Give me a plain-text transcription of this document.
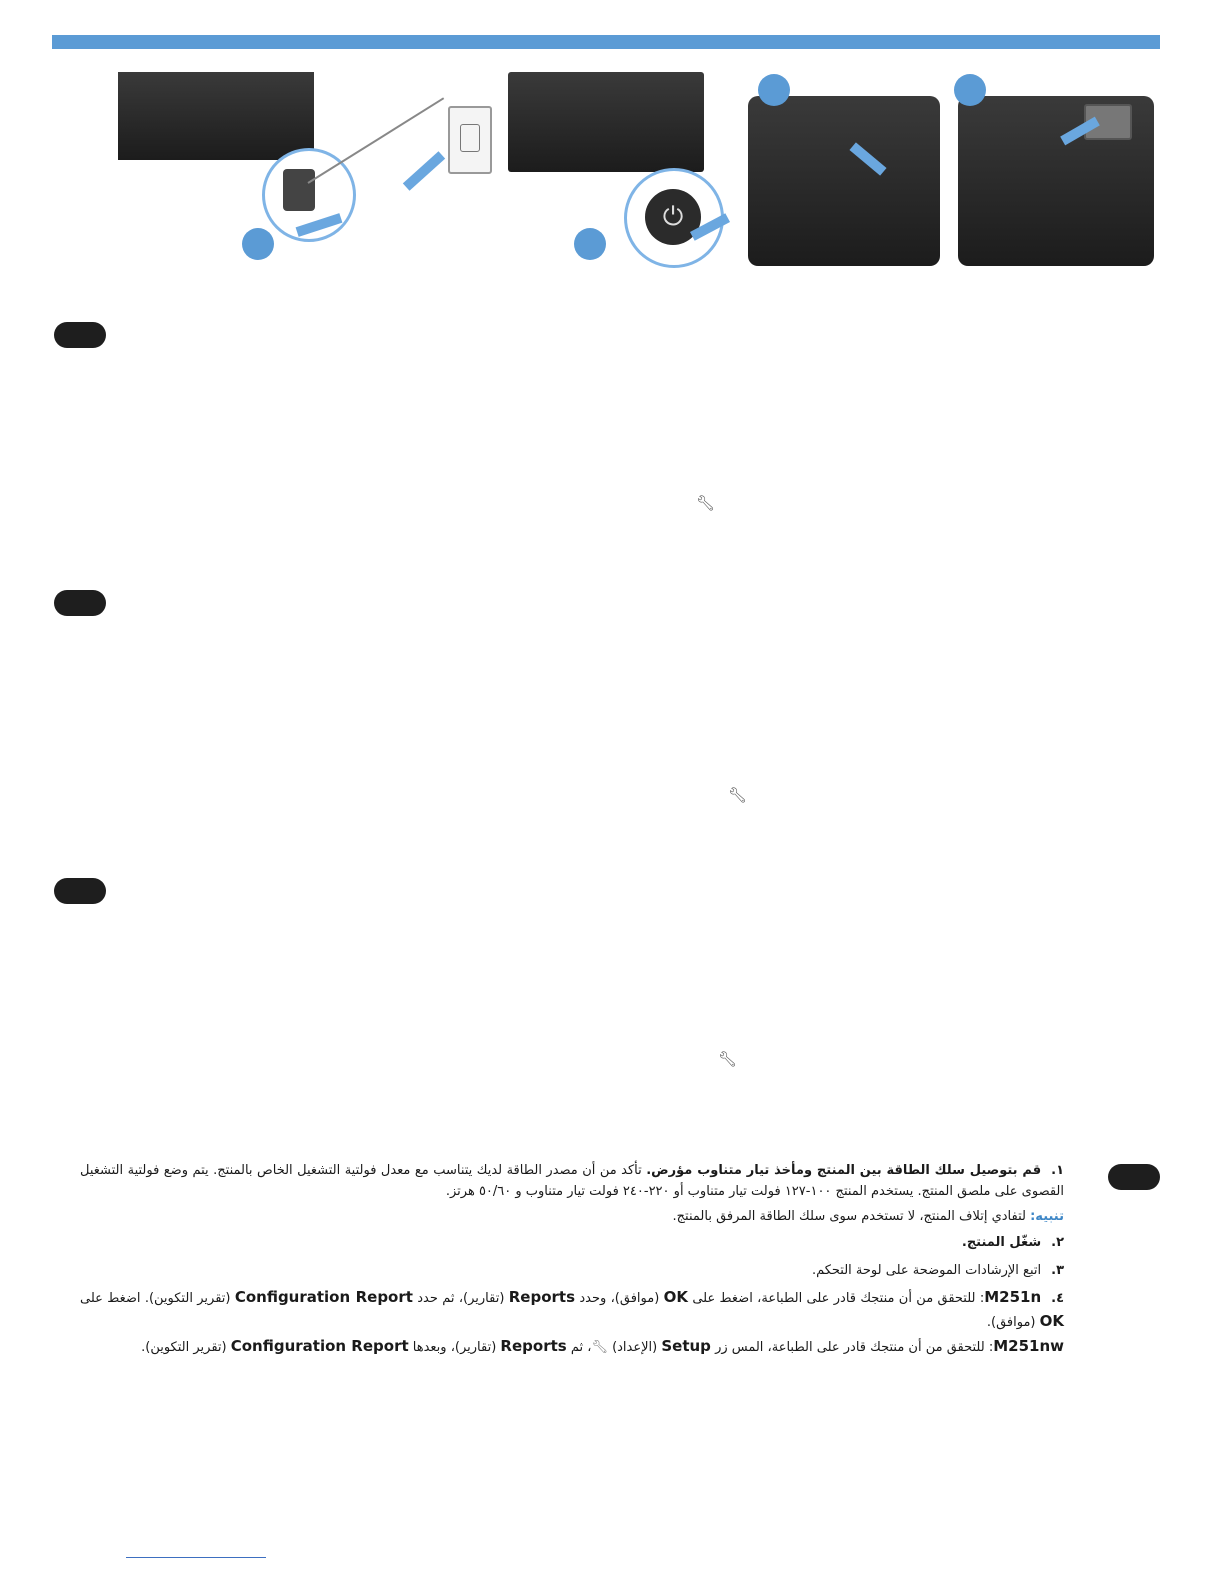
⏻
🔧︎
🔧︎
🔧︎
١.قم بتوصيل سلك الطاقة بين المنتج ومأخذ تيار متناوب مؤرض. تأكد من أن مصدر الطاقة لديك يتناسب مع معدل فولتية التشغيل الخاص بالمنتج. يتم وضع فولتية التشغيل القصوى على ملصق المنتج. يستخدم المنتج ١٠٠-١٢٧ فولت تيار متناوب أو ٢٢٠-٢٤٠ فولت تيار متناوب و ٥٠/٦٠ هرتز.
تنبيه: لتفادي إتلاف المنتج، لا تستخدم سوى سلك الطاقة المرفق بالمنتج.
٢.شغّل المنتج.
٣.اتبع الإرشادات الموضحة على لوحة التحكم.
٤.M251n: للتحقق من أن منتجك قادر على الطباعة، اضغط على OK (موافق)، وحدد Reports (تقارير)، ثم حدد Configuration Report (تقرير التكوين). اضغط على OK (موافق).
M251nw: للتحقق من أن منتجك قادر على الطباعة، المس زر Setup (الإعداد) 🔧︎، ثم Reports (تقارير)، وبعدها Configuration Report (تقرير التكوين).
